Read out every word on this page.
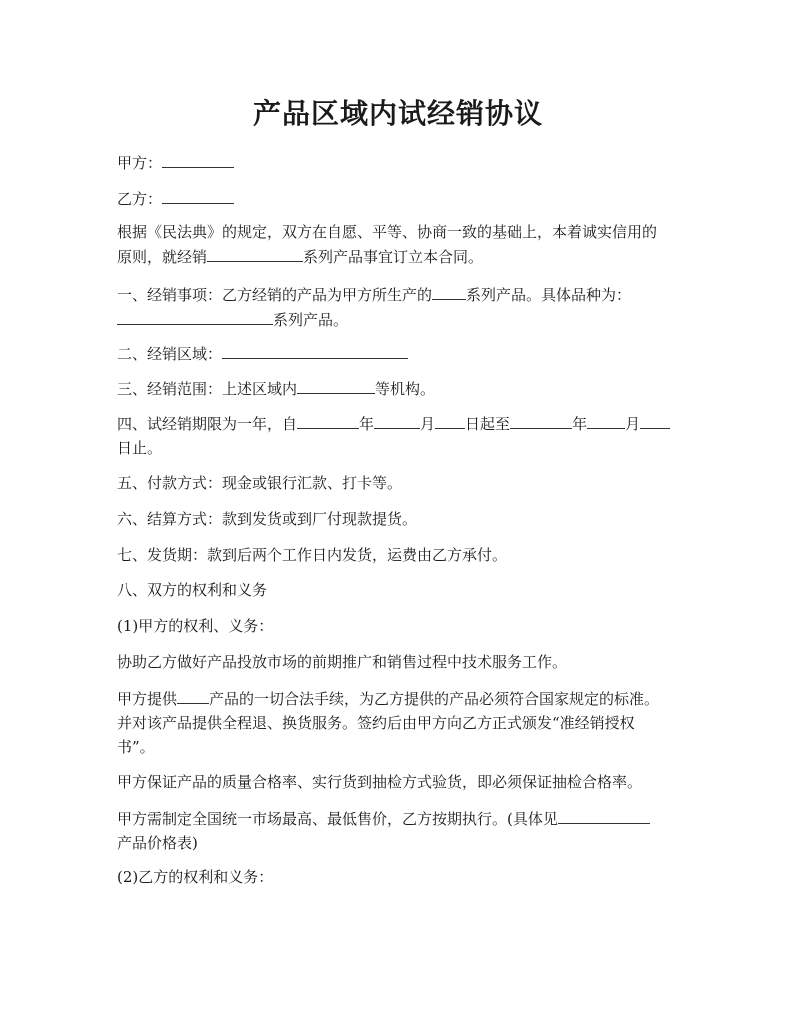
产品区域内试经销协议

甲方：

乙方：

根据《民法典》的规定，双方在自愿、平等、协商一致的基础上，本着诚实信用的
原则，就经销	系列产品事宜订立本合同。

一、经销事项：乙方经销的产品为甲方所生产的 系列产品。具体品种为：
系列产品。

二、经销区域：

三、经销范围：上述区域内	等机构。

四、试经销期限为一年，自	年	月 日起至	年	月
日止。

五、付款方式：现金或银行汇款、打卡等。

六、结算方式：款到发货或到厂付现款提货。

七、发货期：款到后两个工作日内发货，运费由乙方承付。

八、双方的权利和义务

(1)甲方的权利、义务：

协助乙方做好产品投放市场的前期推广和销售过程中技术服务工作。

甲方提供 产品的一切合法手续，为乙方提供的产品必须符合国家规定的标准。
并对该产品提供全程退、换货服务。签约后由甲方向乙方正式颁发“准经销授权
书”。

甲方保证产品的质量合格率、实行货到抽检方式验货，即必须保证抽检合格率。

甲方需制定全国统一市场最高、最低售价，乙方按期执行。(具体见
产品价格表)

(2)乙方的权利和义务：
